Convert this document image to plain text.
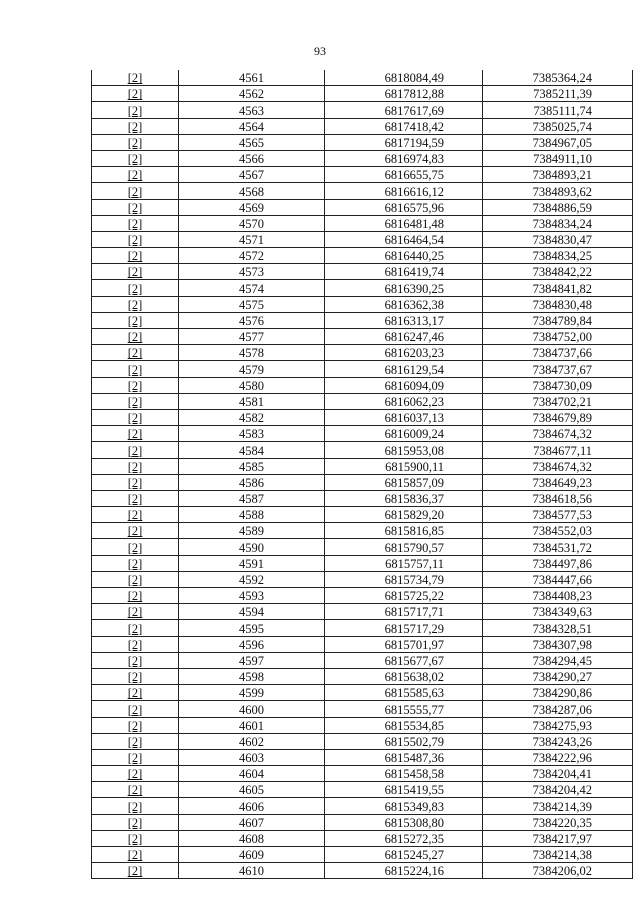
93
[2]	4561	6818084,49	7385364,24
[2]	4562	6817812,88	7385211,39
[2]	4563	6817617,69	7385111,74
[2]	4564	6817418,42	7385025,74
[2]	4565	6817194,59	7384967,05
[2]	4566	6816974,83	7384911,10
[2]	4567	6816655,75	7384893,21
[2]	4568	6816616,12	7384893,62
[2]	4569	6816575,96	7384886,59
[2]	4570	6816481,48	7384834,24
[2]	4571	6816464,54	7384830,47
[2]	4572	6816440,25	7384834,25
[2]	4573	6816419,74	7384842,22
[2]	4574	6816390,25	7384841,82
[2]	4575	6816362,38	7384830,48
[2]	4576	6816313,17	7384789,84
[2]	4577	6816247,46	7384752,00
[2]	4578	6816203,23	7384737,66
[2]	4579	6816129,54	7384737,67
[2]	4580	6816094,09	7384730,09
[2]	4581	6816062,23	7384702,21
[2]	4582	6816037,13	7384679,89
[2]	4583	6816009,24	7384674,32
[2]	4584	6815953,08	7384677,11
[2]	4585	6815900,11	7384674,32
[2]	4586	6815857,09	7384649,23
[2]	4587	6815836,37	7384618,56
[2]	4588	6815829,20	7384577,53
[2]	4589	6815816,85	7384552,03
[2]	4590	6815790,57	7384531,72
[2]	4591	6815757,11	7384497,86
[2]	4592	6815734,79	7384447,66
[2]	4593	6815725,22	7384408,23
[2]	4594	6815717,71	7384349,63
[2]	4595	6815717,29	7384328,51
[2]	4596	6815701,97	7384307,98
[2]	4597	6815677,67	7384294,45
[2]	4598	6815638,02	7384290,27
[2]	4599	6815585,63	7384290,86
[2]	4600	6815555,77	7384287,06
[2]	4601	6815534,85	7384275,93
[2]	4602	6815502,79	7384243,26
[2]	4603	6815487,36	7384222,96
[2]	4604	6815458,58	7384204,41
[2]	4605	6815419,55	7384204,42
[2]	4606	6815349,83	7384214,39
[2]	4607	6815308,80	7384220,35
[2]	4608	6815272,35	7384217,97
[2]	4609	6815245,27	7384214,38
[2]	4610	6815224,16	7384206,02
